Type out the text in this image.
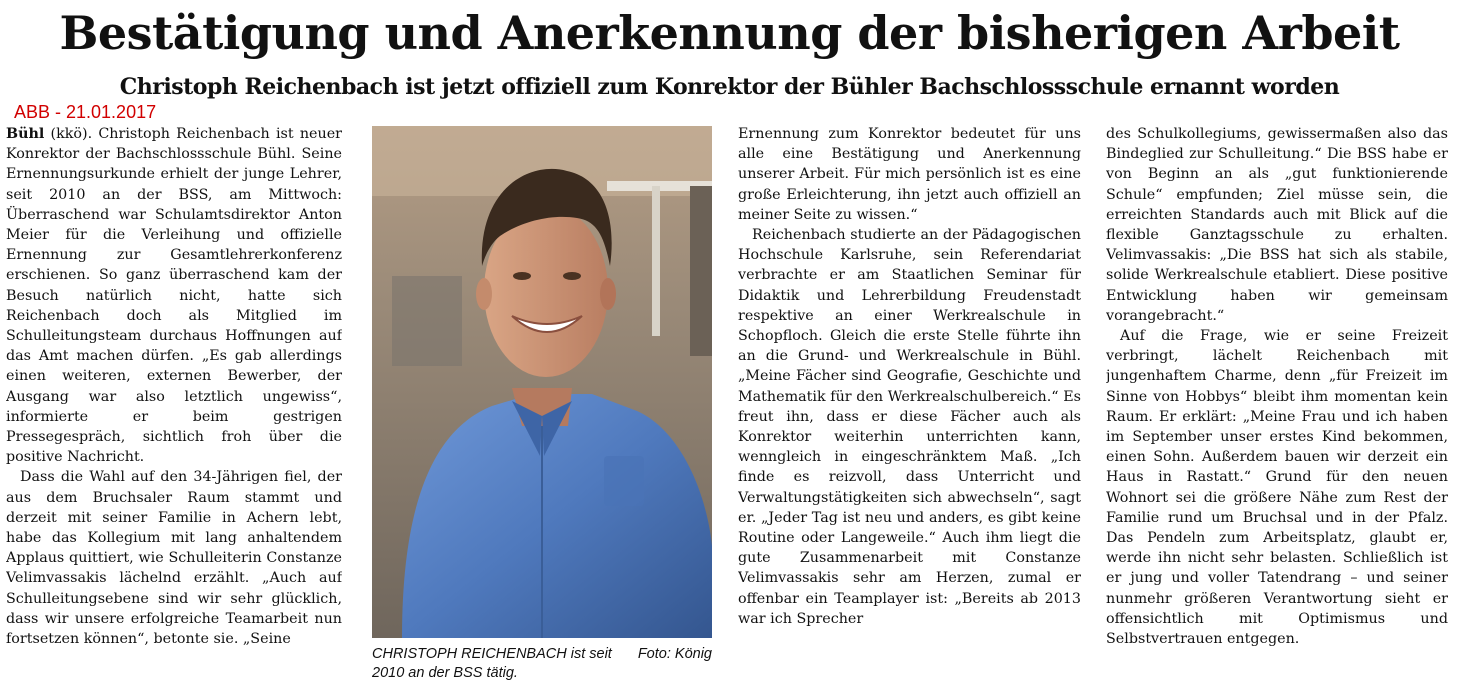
Bestätigung und Anerkennung der bisherigen Arbeit
Christoph Reichenbach ist jetzt offiziell zum Konrektor der Bühler Bachschlossschule ernannt worden
ABB - 21.01.2017

Bühl (kkö). Christoph Reichenbach ist neuer Konrektor der Bachschlossschule Bühl. Seine Ernennungsurkunde erhielt der junge Lehrer, seit 2010 an der BSS, am Mittwoch: Überraschend war Schulamtsdirektor Anton Meier für die Verleihung und offizielle Ernennung zur Gesamtlehrerkonferenz erschienen. So ganz überraschend kam der Besuch natürlich nicht, hatte sich Reichenbach doch als Mitglied im Schulleitungsteam durchaus Hoffnungen auf das Amt machen dürfen. „Es gab allerdings einen weiteren, externen Bewerber, der Ausgang war also letztlich ungewiss“, informierte er beim gestrigen Pressegespräch, sichtlich froh über die positive Nachricht.

Dass die Wahl auf den 34-Jährigen fiel, der aus dem Bruchsaler Raum stammt und derzeit mit seiner Familie in Achern lebt, habe das Kollegium mit lang anhaltendem Applaus quittiert, wie Schulleiterin Constanze Velimvassakis lächelnd erzählt. „Auch auf Schulleitungsebene sind wir sehr glücklich, dass wir unsere erfolgreiche Teamarbeit nun fortsetzen können“, betonte sie. „Seine

Foto: König
CHRISTOPH REICHENBACH ist seit 2010 an der BSS tätig.

Ernennung zum Konrektor bedeutet für uns alle eine Bestätigung und Anerkennung unserer Arbeit. Für mich persönlich ist es eine große Erleichterung, ihn jetzt auch offiziell an meiner Seite zu wissen.“

Reichenbach studierte an der Pädagogischen Hochschule Karlsruhe, sein Referendariat verbrachte er am Staatlichen Seminar für Didaktik und Lehrerbildung Freudenstadt respektive an einer Werkrealschule in Schopfloch. Gleich die erste Stelle führte ihn an die Grund- und Werkrealschule in Bühl. „Meine Fächer sind Geografie, Geschichte und Mathematik für den Werkrealschulbereich.“ Es freut ihn, dass er diese Fächer auch als Konrektor weiterhin unterrichten kann, wenngleich in eingeschränktem Maß. „Ich finde es reizvoll, dass Unterricht und Verwaltungstätigkeiten sich abwechseln“, sagt er. „Jeder Tag ist neu und anders, es gibt keine Routine oder Langeweile.“ Auch ihm liegt die gute Zusammenarbeit mit Constanze Velimvassakis sehr am Herzen, zumal er offenbar ein Teamplayer ist: „Bereits ab 2013 war ich Sprecher

des Schulkollegiums, gewissermaßen also das Bindeglied zur Schulleitung.“ Die BSS habe er von Beginn an als „gut funktionierende Schule“ empfunden; Ziel müsse sein, die erreichten Standards auch mit Blick auf die flexible Ganztagsschule zu erhalten. Velimvassakis: „Die BSS hat sich als stabile, solide Werkrealschule etabliert. Diese positive Entwicklung haben wir gemeinsam vorangebracht.“

Auf die Frage, wie er seine Freizeit verbringt, lächelt Reichenbach mit jungenhaftem Charme, denn „für Freizeit im Sinne von Hobbys“ bleibt ihm momentan kein Raum. Er erklärt: „Meine Frau und ich haben im September unser erstes Kind bekommen, einen Sohn. Außerdem bauen wir derzeit ein Haus in Rastatt.“ Grund für den neuen Wohnort sei die größere Nähe zum Rest der Familie rund um Bruchsal und in der Pfalz. Das Pendeln zum Arbeitsplatz, glaubt er, werde ihn nicht sehr belasten. Schließlich ist er jung und voller Tatendrang – und seiner nunmehr größeren Verantwortung sieht er offensichtlich mit Optimismus und Selbstvertrauen entgegen.
